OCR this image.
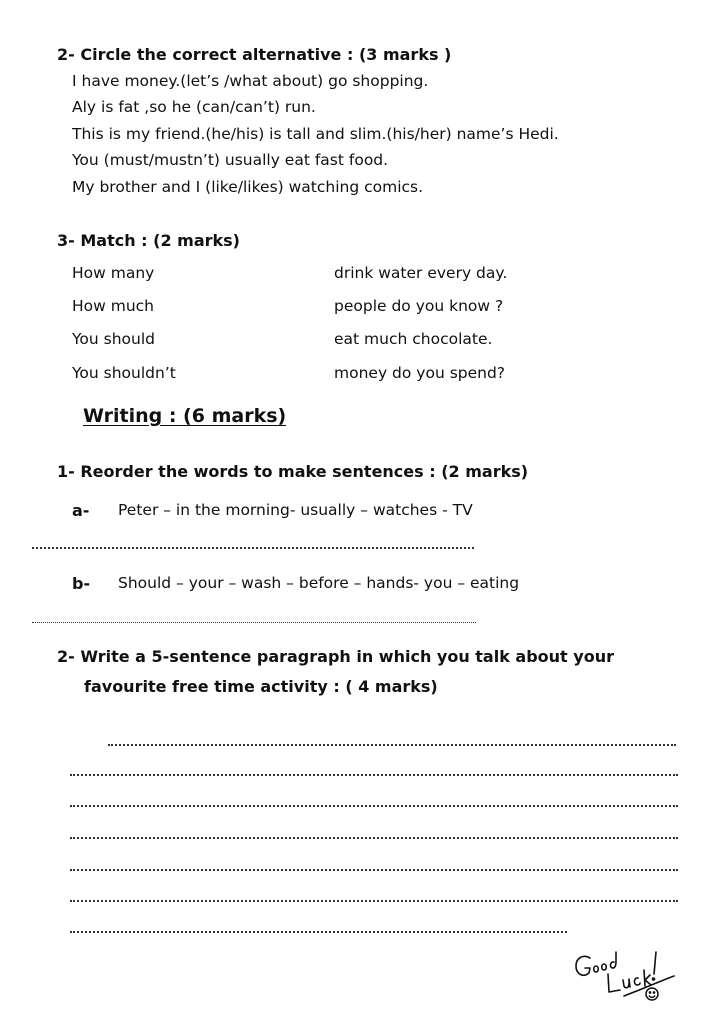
2- Circle the correct alternative : (3 marks )
I have money.(let’s /what about) go shopping.
Aly is fat ,so he (can/can’t) run.
This is my friend.(he/his) is tall and slim.(his/her) name’s Hedi.
You (must/mustn’t) usually eat fast food.
My brother and I (like/likes) watching comics.
3- Match : (2 marks)
How many
How much
You should
You shouldn’t
drink water every day.
people do you know ?
eat much chocolate.
money do you spend?
Writing : (6 marks)
1- Reorder the words to make sentences : (2 marks)
a- Peter – in the morning- usually – watches - TV
b- Should – your – wash – before – hands- you – eating
2- Write a 5-sentence paragraph in which you talk about your
favourite free time activity : ( 4 marks)
